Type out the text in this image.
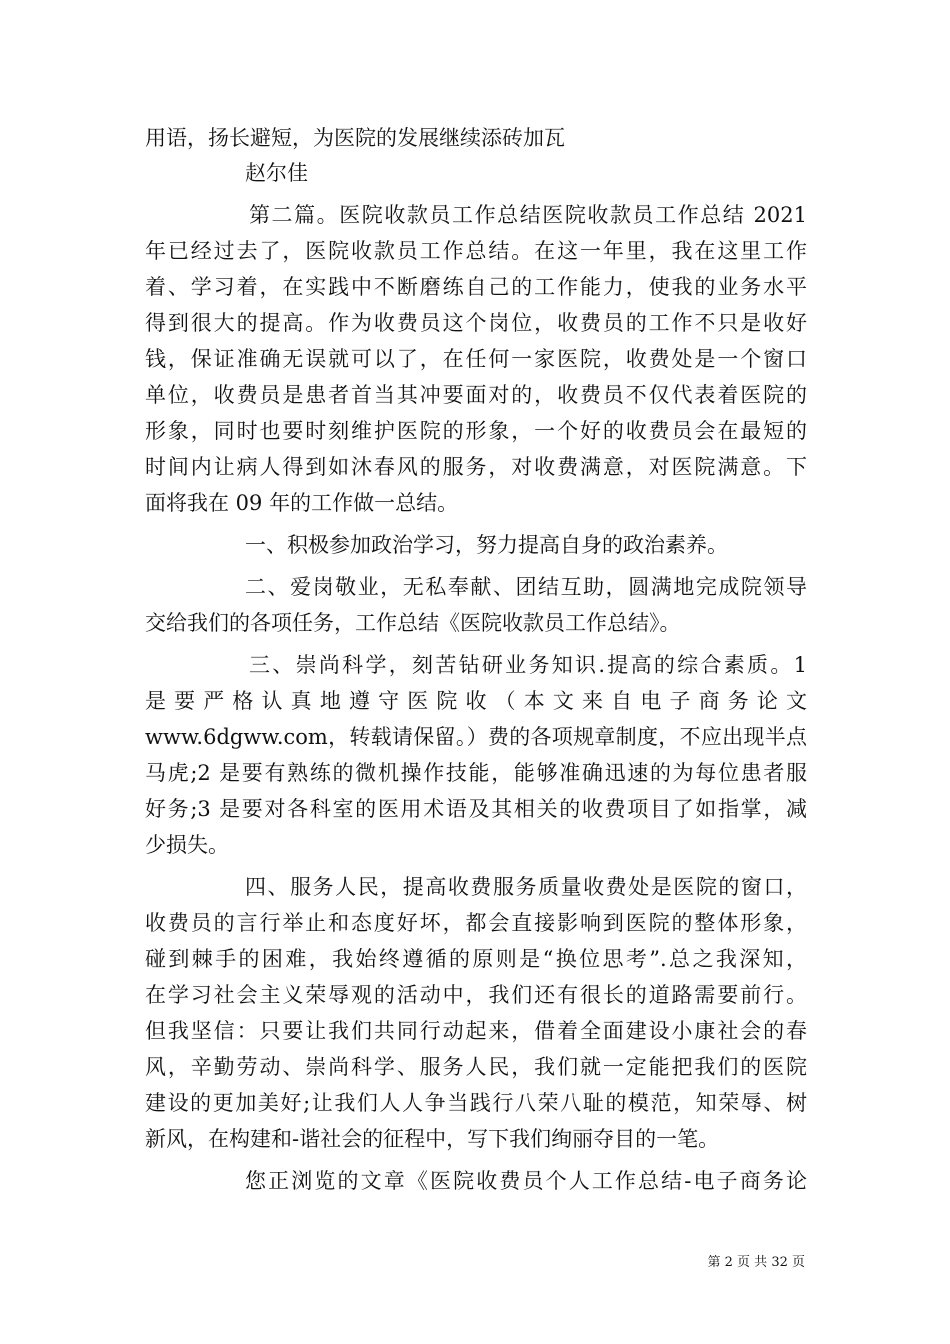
用语，扬长避短，为医院的发展继续添砖加瓦
赵尔佳
第二篇。医院收款员工作总结医院收款员工作总结 2021
年已经过去了，医院收款员工作总结。在这一年里，我在这里工作
着、学习着，在实践中不断磨练自己的工作能力，使我的业务水平
得到很大的提高。作为收费员这个岗位，收费员的工作不只是收好
钱，保证准确无误就可以了，在任何一家医院，收费处是一个窗口
单位，收费员是患者首当其冲要面对的，收费员不仅代表着医院的
形象，同时也要时刻维护医院的形象，一个好的收费员会在最短的
时间内让病人得到如沐春风的服务，对收费满意，对医院满意。下
面将我在 09 年的工作做一总结。
一、积极参加政治学习，努力提高自身的政治素养。
二、爱岗敬业，无私奉献、团结互助，圆满地完成院领导
交给我们的各项任务，工作总结《医院收款员工作总结》。
三、崇尚科学，刻苦钻研业务知识.提高的综合素质。1
是要严格认真地遵守医院收（本文来自电子商务论文
www.6dgww.com，转载请保留。）费的各项规章制度，不应出现半点
马虎;2 是要有熟练的微机操作技能，能够准确迅速的为每位患者服
好务;3 是要对各科室的医用术语及其相关的收费项目了如指掌，减
少损失。
四、服务人民，提高收费服务质量收费处是医院的窗口，
收费员的言行举止和态度好坏，都会直接影响到医院的整体形象，
碰到棘手的困难，我始终遵循的原则是“换位思考”.总之我深知，
在学习社会主义荣辱观的活动中，我们还有很长的道路需要前行。
但我坚信：只要让我们共同行动起来，借着全面建设小康社会的春
风，辛勤劳动、崇尚科学、服务人民，我们就一定能把我们的医院
建设的更加美好;让我们人人争当践行八荣八耻的模范，知荣辱、树
新风，在构建和-谐社会的征程中，写下我们绚丽夺目的一笔。
您正浏览的文章《医院收费员个人工作总结-电子商务论
第 2 页 共 32 页
